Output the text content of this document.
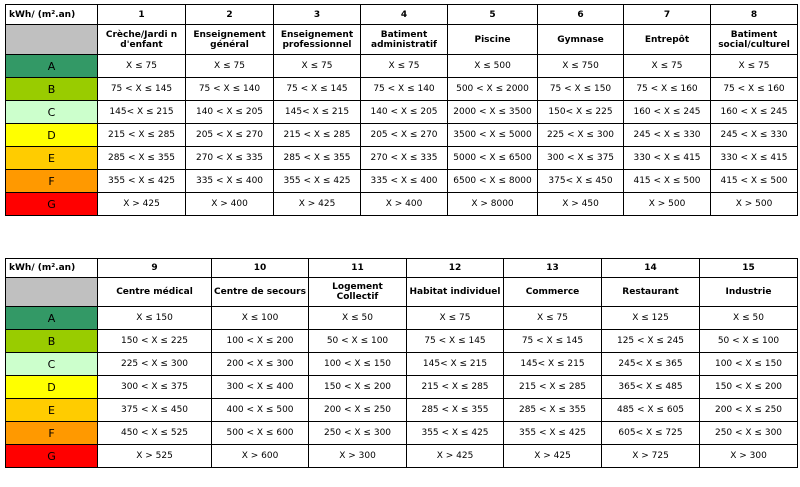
kWh/ (m².an)	1	2	3	4	5	6	7	8
	Crèche/Jardi n d'enfant	Enseignement général	Enseignement professionnel	Batiment administratif	Piscine	Gymnase	Entrepôt	Batiment social/culturel
A	X ≤ 75	X ≤ 75	X ≤ 75	X ≤ 75	X ≤ 500	X ≤ 750	X ≤ 75	X ≤ 75
B	75 < X ≤ 145	75 < X ≤ 140	75 < X ≤ 145	75 < X ≤ 140	500 < X ≤ 2000	75 < X ≤ 150	75 < X ≤ 160	75 < X ≤ 160
C	145< X ≤ 215	140 < X ≤ 205	145< X ≤ 215	140 < X ≤ 205	2000 < X ≤ 3500	150< X ≤ 225	160 < X ≤ 245	160 < X ≤ 245
D	215 < X ≤ 285	205 < X ≤ 270	215 < X ≤ 285	205 < X ≤ 270	3500 < X ≤ 5000	225 < X ≤ 300	245 < X ≤ 330	245 < X ≤ 330
E	285 < X ≤ 355	270 < X ≤ 335	285 < X ≤ 355	270 < X ≤ 335	5000 < X ≤ 6500	300 < X ≤ 375	330 < X ≤ 415	330 < X ≤ 415
F	355 < X ≤ 425	335 < X ≤ 400	355 < X ≤ 425	335 < X ≤ 400	6500 < X ≤ 8000	375< X ≤ 450	415 < X ≤ 500	415 < X ≤ 500
G	X > 425	X > 400	X > 425	X > 400	X > 8000	X > 450	X > 500	X > 500
kWh/ (m².an)	9	10	11	12	13	14	15
	Centre médical	Centre de secours	Logement Collectif	Habitat individuel	Commerce	Restaurant	Industrie
A	X ≤ 150	X ≤ 100	X ≤ 50	X ≤ 75	X ≤ 75	X ≤ 125	X ≤ 50
B	150 < X ≤ 225	100 < X ≤ 200	50 < X ≤ 100	75 < X ≤ 145	75 < X ≤ 145	125 < X ≤ 245	50 < X ≤ 100
C	225 < X ≤ 300	200 < X ≤ 300	100 < X ≤ 150	145< X ≤ 215	145< X ≤ 215	245< X ≤ 365	100 < X ≤ 150
D	300 < X ≤ 375	300 < X ≤ 400	150 < X ≤ 200	215 < X ≤ 285	215 < X ≤ 285	365< X ≤ 485	150 < X ≤ 200
E	375 < X ≤ 450	400 < X ≤ 500	200 < X ≤ 250	285 < X ≤ 355	285 < X ≤ 355	485 < X ≤ 605	200 < X ≤ 250
F	450 < X ≤ 525	500 < X ≤ 600	250 < X ≤ 300	355 < X ≤ 425	355 < X ≤ 425	605< X ≤ 725	250 < X ≤ 300
G	X > 525	X > 600	X > 300	X > 425	X > 425	X > 725	X > 300
